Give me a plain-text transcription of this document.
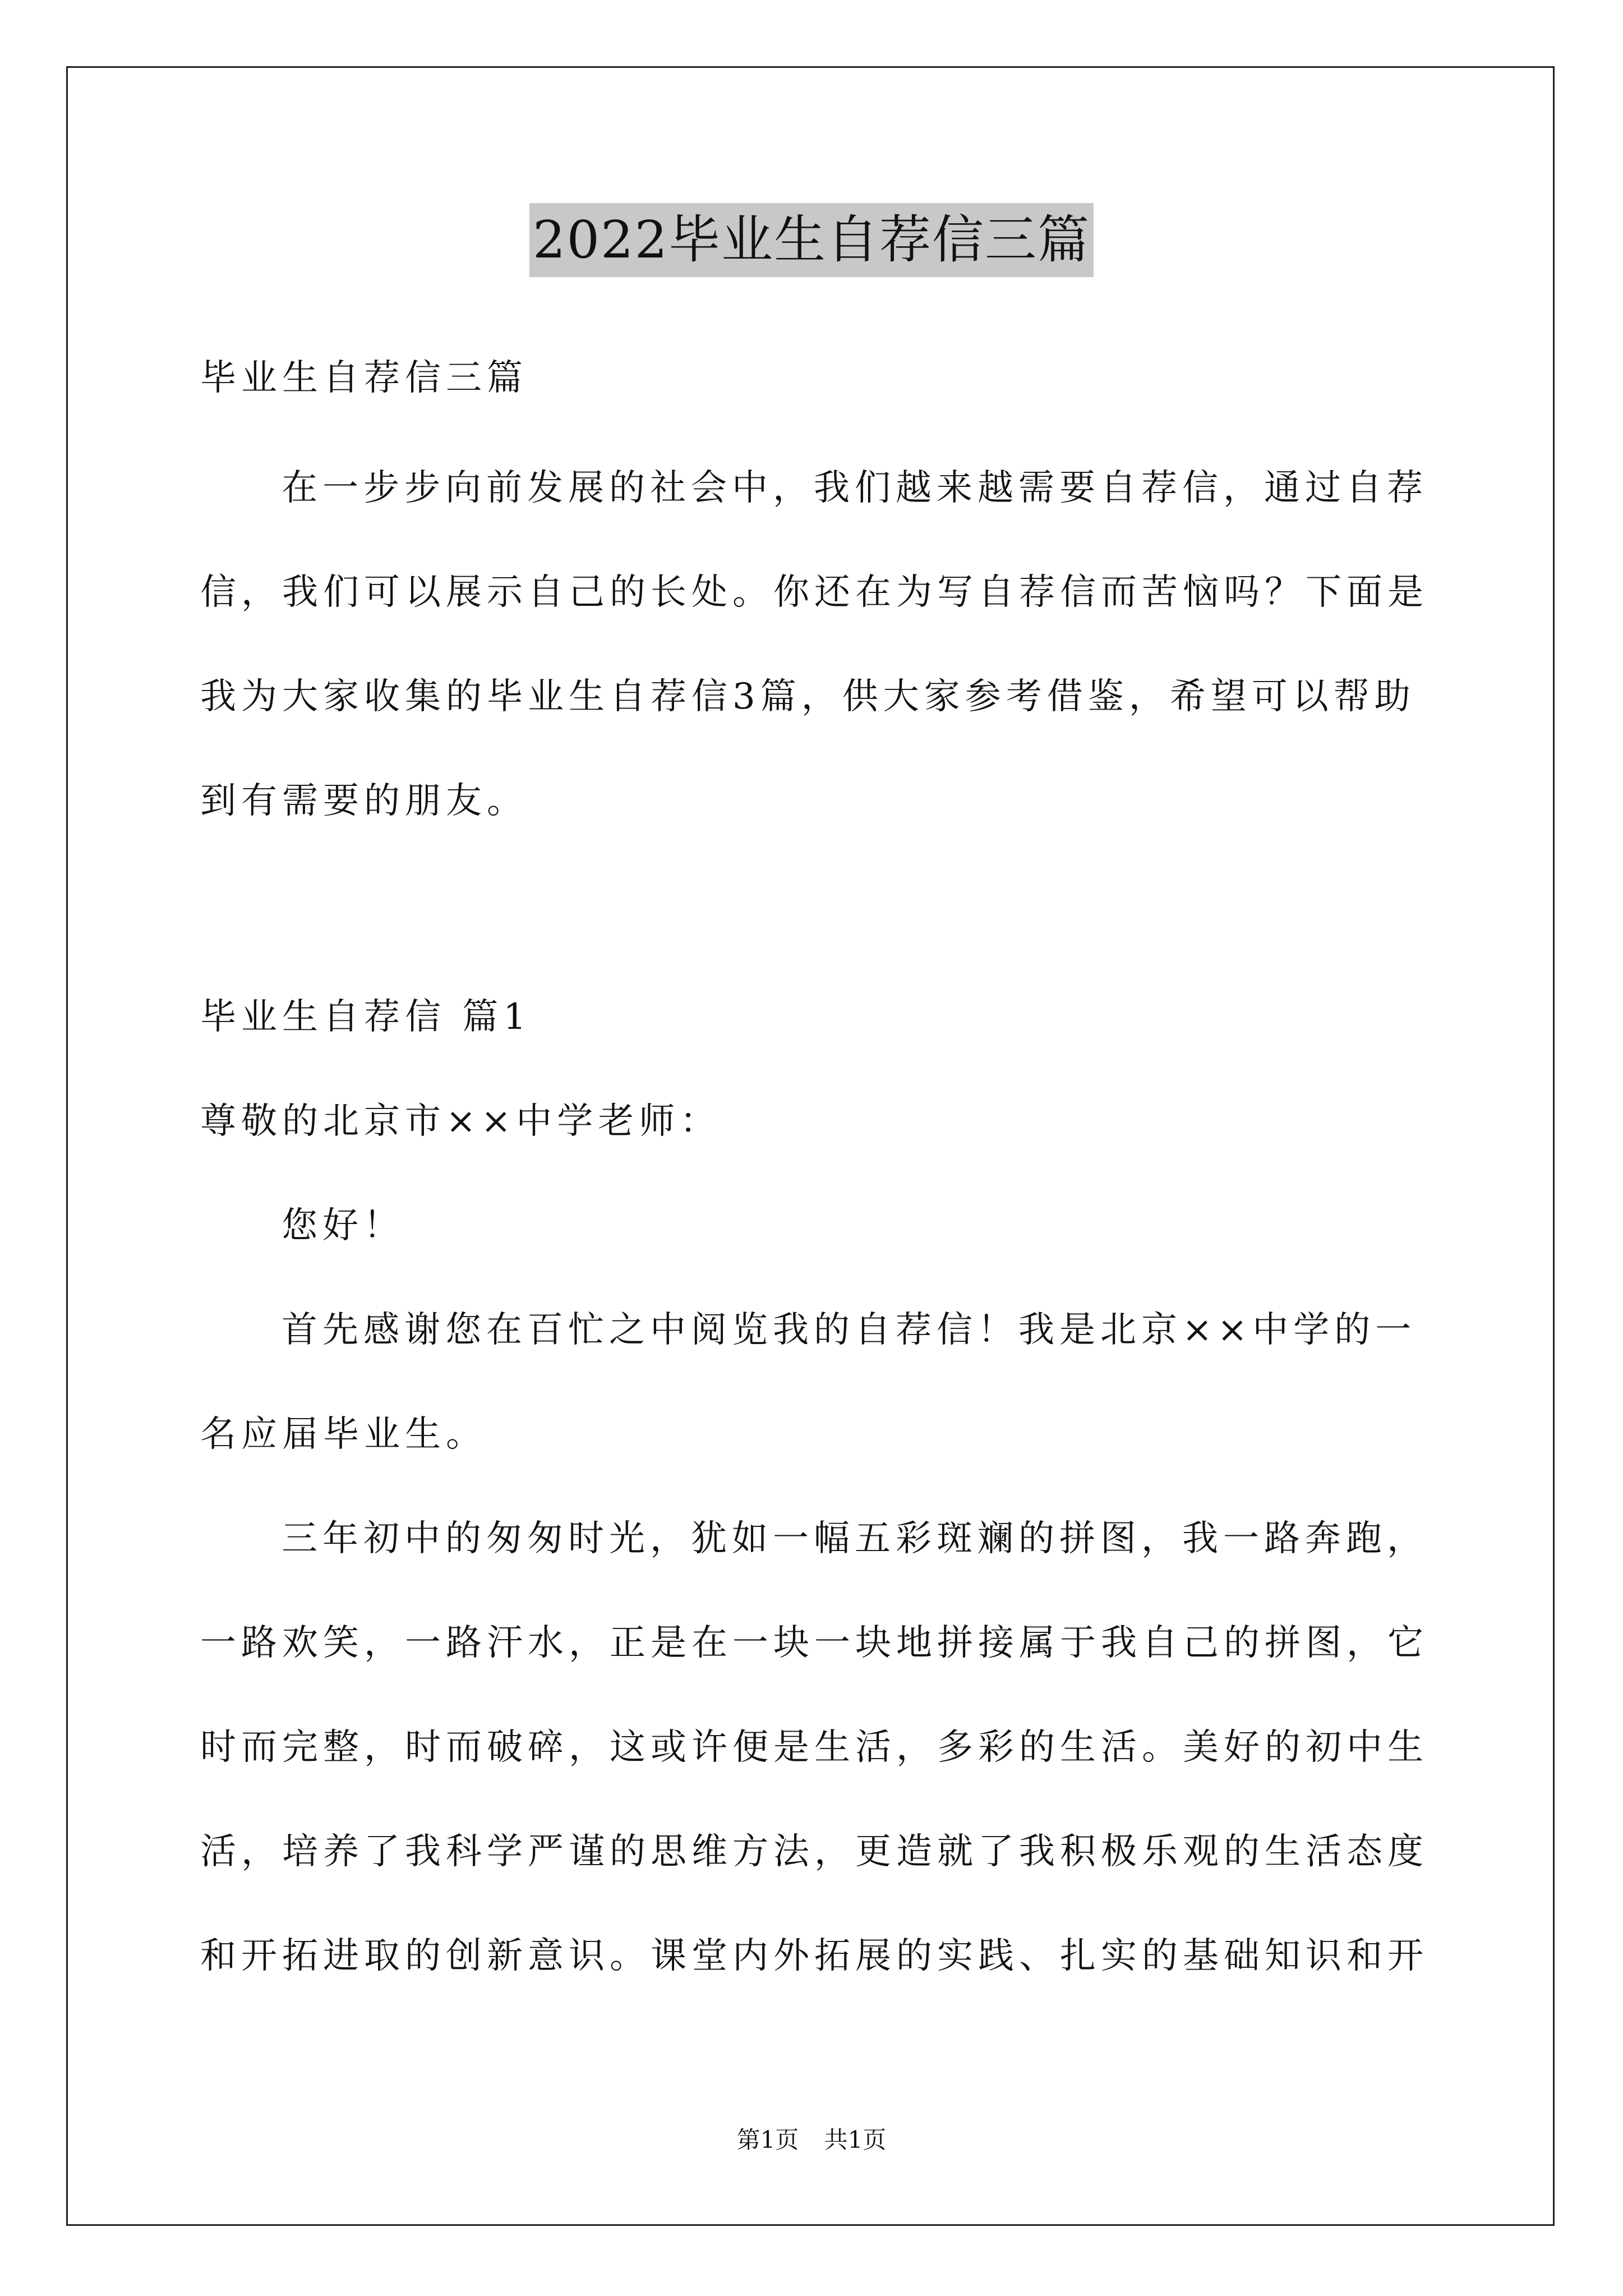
2022毕业生自荐信三篇
毕业生自荐信三篇
在一步步向前发展的社会中，我们越来越需要自荐信，通过自荐
信，我们可以展示自己的长处。你还在为写自荐信而苦恼吗？下面是
我为大家收集的毕业生自荐信3篇，供大家参考借鉴，希望可以帮助
到有需要的朋友。
毕业生自荐信 篇1
尊敬的北京市××中学老师：
您好！
首先感谢您在百忙之中阅览我的自荐信！我是北京××中学的一
名应届毕业生。
三年初中的匆匆时光，犹如一幅五彩斑斓的拼图，我一路奔跑，
一路欢笑，一路汗水，正是在一块一块地拼接属于我自己的拼图，它
时而完整，时而破碎，这或许便是生活，多彩的生活。美好的初中生
活，培养了我科学严谨的思维方法，更造就了我积极乐观的生活态度
和开拓进取的创新意识。课堂内外拓展的实践、扎实的基础知识和开
第1页 共1页
